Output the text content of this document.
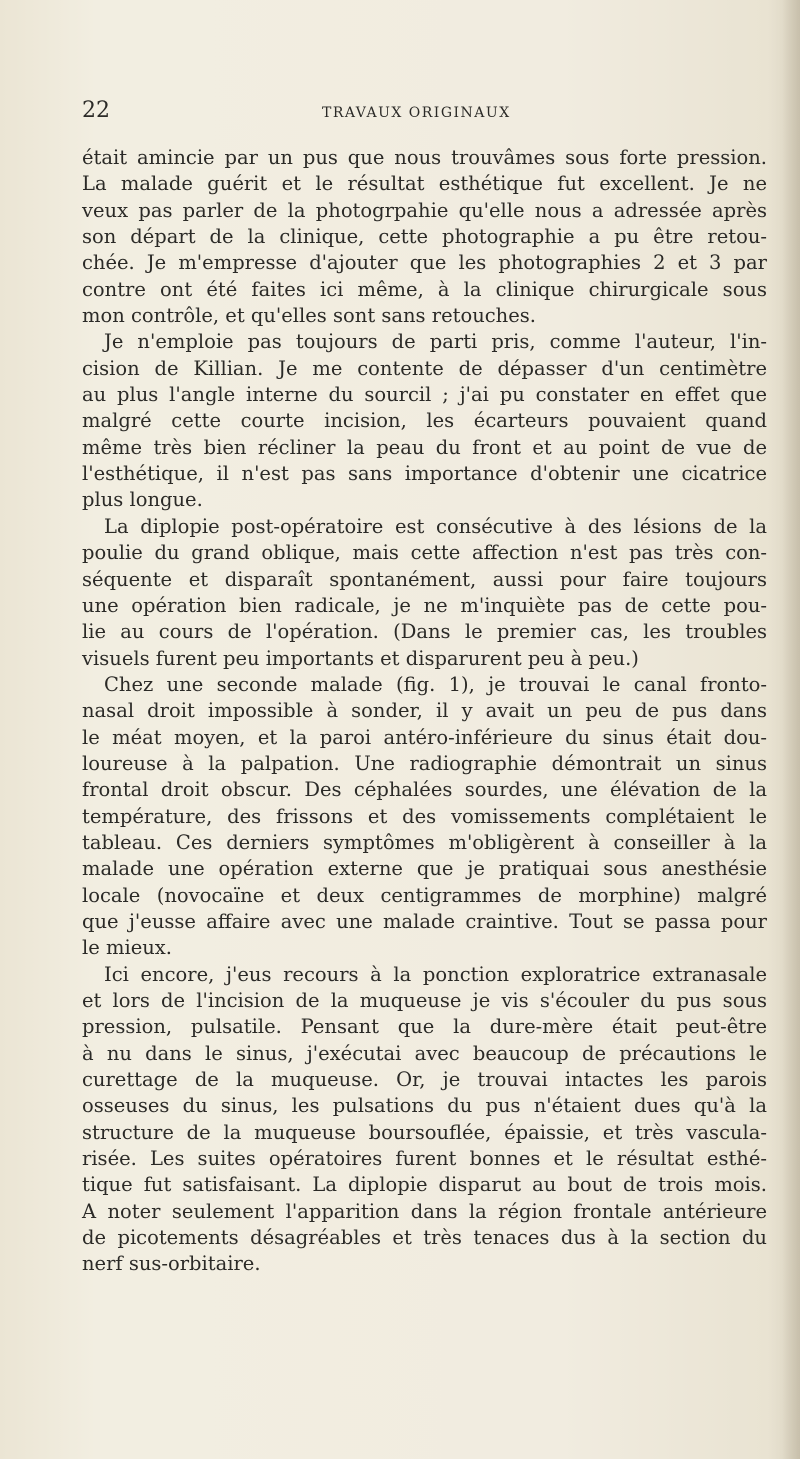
22	TRAVAUX ORIGINAUX
était amincie par un pus que nous trouvâmes sous forte pression.
La malade guérit et le résultat esthétique fut excellent. Je ne
veux pas parler de la photogrpahie qu'elle nous a adressée après
son départ de la clinique, cette photographie a pu être retou-
chée. Je m'empresse d'ajouter que les photographies 2 et 3 par
contre ont été faites ici même, à la clinique chirurgicale sous
mon contrôle, et qu'elles sont sans retouches.
Je n'emploie pas toujours de parti pris, comme l'auteur, l'in-
cision de Killian. Je me contente de dépasser d'un centimètre
au plus l'angle interne du sourcil ; j'ai pu constater en effet que
malgré cette courte incision, les écarteurs pouvaient quand
même très bien récliner la peau du front et au point de vue de
l'esthétique, il n'est pas sans importance d'obtenir une cicatrice
plus longue.
La diplopie post-opératoire est consécutive à des lésions de la
poulie du grand oblique, mais cette affection n'est pas très con-
séquente et disparaît spontanément, aussi pour faire toujours
une opération bien radicale, je ne m'inquiète pas de cette pou-
lie au cours de l'opération. (Dans le premier cas, les troubles
visuels furent peu importants et disparurent peu à peu.)
Chez une seconde malade (fig. 1), je trouvai le canal fronto-
nasal droit impossible à sonder, il y avait un peu de pus dans
le méat moyen, et la paroi antéro-inférieure du sinus était dou-
loureuse à la palpation. Une radiographie démontrait un sinus
frontal droit obscur. Des céphalées sourdes, une élévation de la
température, des frissons et des vomissements complétaient le
tableau. Ces derniers symptômes m'obligèrent à conseiller à la
malade une opération externe que je pratiquai sous anesthésie
locale (novocaïne et deux centigrammes de morphine) malgré
que j'eusse affaire avec une malade craintive. Tout se passa pour
le mieux.
Ici encore, j'eus recours à la ponction exploratrice extranasale
et lors de l'incision de la muqueuse je vis s'écouler du pus sous
pression, pulsatile. Pensant que la dure-mère était peut-être
à nu dans le sinus, j'exécutai avec beaucoup de précautions le
curettage de la muqueuse. Or, je trouvai intactes les parois
osseuses du sinus, les pulsations du pus n'étaient dues qu'à la
structure de la muqueuse boursouflée, épaissie, et très vascula-
risée. Les suites opératoires furent bonnes et le résultat esthé-
tique fut satisfaisant. La diplopie disparut au bout de trois mois.
A noter seulement l'apparition dans la région frontale antérieure
de picotements désagréables et très tenaces dus à la section du
nerf sus-orbitaire.
